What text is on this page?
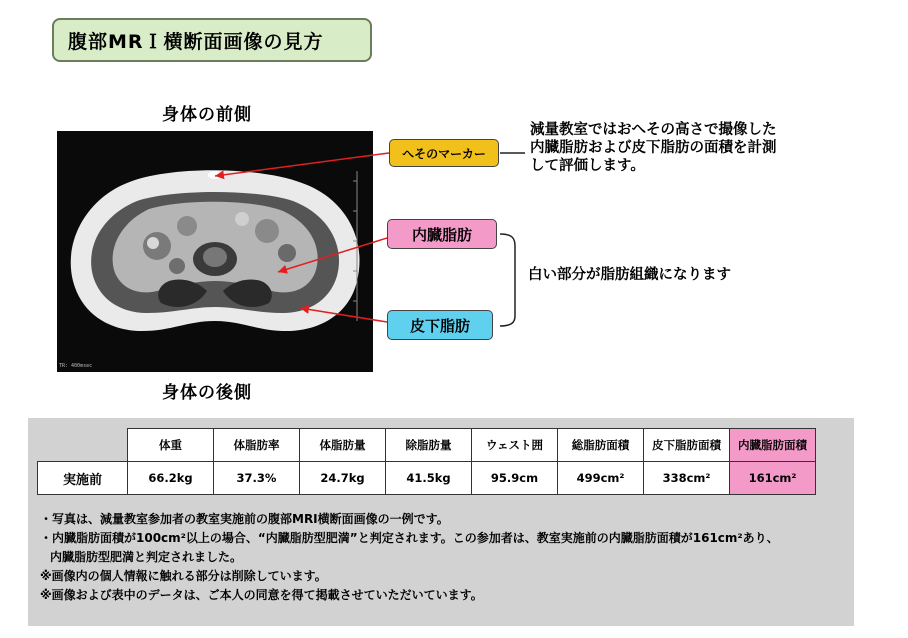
腹部MRＩ横断面画像の見方
身体の前側
TR: 400msec
身体の後側
へそのマーカー
内臓脂肪
皮下脂肪
減量教室ではおへその高さで撮像した
内臓脂肪および皮下脂肪の面積を計測
して評価します。
白い部分が脂肪組織になります
	体重	体脂肪率	体脂肪量	除脂肪量	ウェスト囲	総脂肪面積	皮下脂肪面積	内臓脂肪面積
実施前	66.2kg	37.3%	24.7kg	41.5kg	95.9cm	499cm²	338cm²	161cm²
・写真は、減量教室参加者の教室実施前の腹部MRI横断面画像の一例です。
・内臓脂肪面積が100cm²以上の場合、“内臓脂肪型肥満”と判定されます。この参加者は、教室実施前の内臓脂肪面積が161cm²あり、
内臓脂肪型肥満と判定されました。
※画像内の個人情報に触れる部分は削除しています。
※画像および表中のデータは、ご本人の同意を得て掲載させていただいています。
